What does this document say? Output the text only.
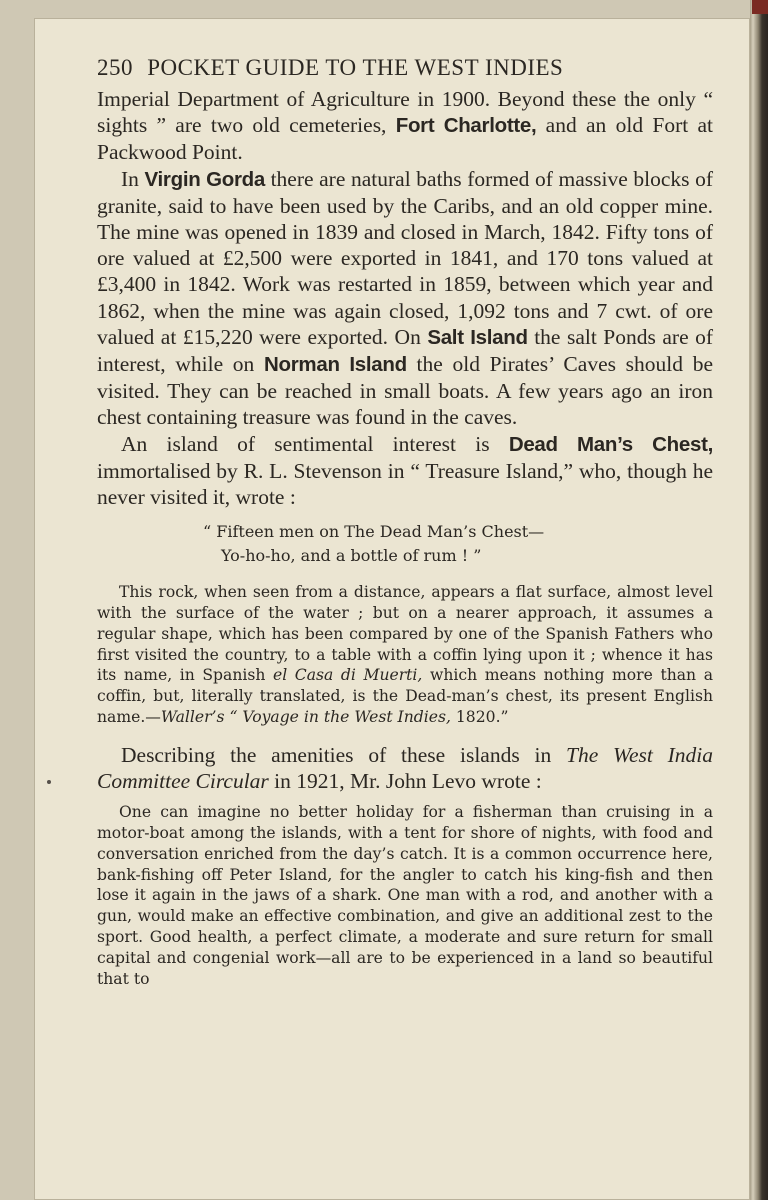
250 POCKET GUIDE TO THE WEST INDIES

Imperial Department of Agriculture in 1900. Beyond these the only “ sights ” are two old cemeteries, Fort Charlotte, and an old Fort at Packwood Point.

In Virgin Gorda there are natural baths formed of massive blocks of granite, said to have been used by the Caribs, and an old copper mine. The mine was opened in 1839 and closed in March, 1842. Fifty tons of ore valued at £2,500 were exported in 1841, and 170 tons valued at £3,400 in 1842. Work was restarted in 1859, between which year and 1862, when the mine was again closed, 1,092 tons and 7 cwt. of ore valued at £15,220 were exported. On Salt Island the salt Ponds are of interest, while on Norman Island the old Pirates’ Caves should be visited. They can be reached in small boats. A few years ago an iron chest containing treasure was found in the caves.

An island of sentimental interest is Dead Man’s Chest, immortalised by R. L. Stevenson in “ Treasure Island,” who, though he never visited it, wrote :

“ Fifteen men on The Dead Man’s Chest—
Yo-ho-ho, and a bottle of rum ! ”

This rock, when seen from a distance, appears a flat surface, almost level with the surface of the water ; but on a nearer approach, it assumes a regular shape, which has been compared by one of the Spanish Fathers who first visited the country, to a table with a coffin lying upon it ; whence it has its name, in Spanish el Casa di Muerti, which means nothing more than a coffin, but, literally translated, is the Dead-man’s chest, its present English name.—Waller’s “ Voyage in the West Indies, 1820.”

Describing the amenities of these islands in The West India Committee Circular in 1921, Mr. John Levo wrote :

One can imagine no better holiday for a fisherman than cruising in a motor-boat among the islands, with a tent for shore of nights, with food and conversation enriched from the day’s catch. It is a common occurrence here, bank-fishing off Peter Island, for the angler to catch his king-fish and then lose it again in the jaws of a shark. One man with a rod, and another with a gun, would make an effective combination, and give an additional zest to the sport. Good health, a perfect climate, a moderate and sure return for small capital and congenial work—all are to be experienced in a land so beautiful that to
